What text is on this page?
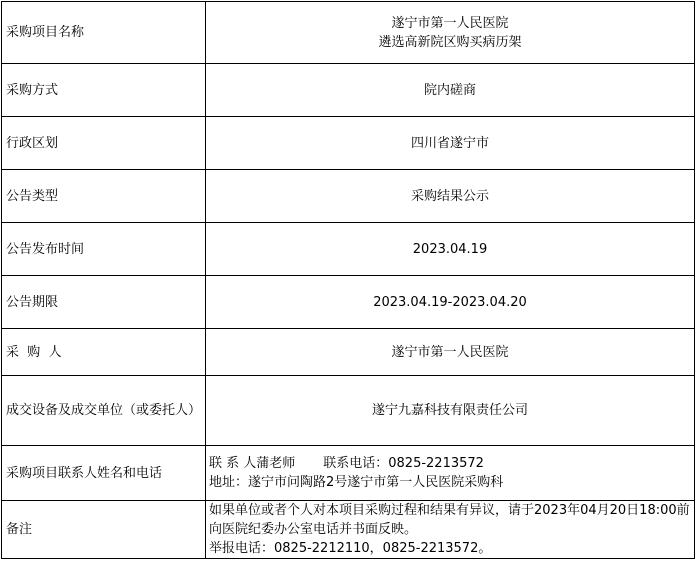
采购项目名称	遂宁市第一人民医院
遴选高新院区购买病历架

采购方式	院内磋商
行政区划	四川省遂宁市
公告类型	采购结果公示
公告发布时间	2023.04.19
公告期限	2023.04.19-2023.04.20
采  购  人	遂宁市第一人民医院
成交设备及成交单位（或委托人）	遂宁九嘉科技有限责任公司
采购项目联系人姓名和电话	联 系 人蒲老师 联系电话：0825-2213572
地址：遂宁市问陶路2号遂宁市第一人民医院采购科

备注	如果单位或者个人对本项目采购过程和结果有异议，请于2023年04月20日18:00前向医院纪委办公室电话并书面反映。
举报电话：0825-2212110，0825-2213572。
